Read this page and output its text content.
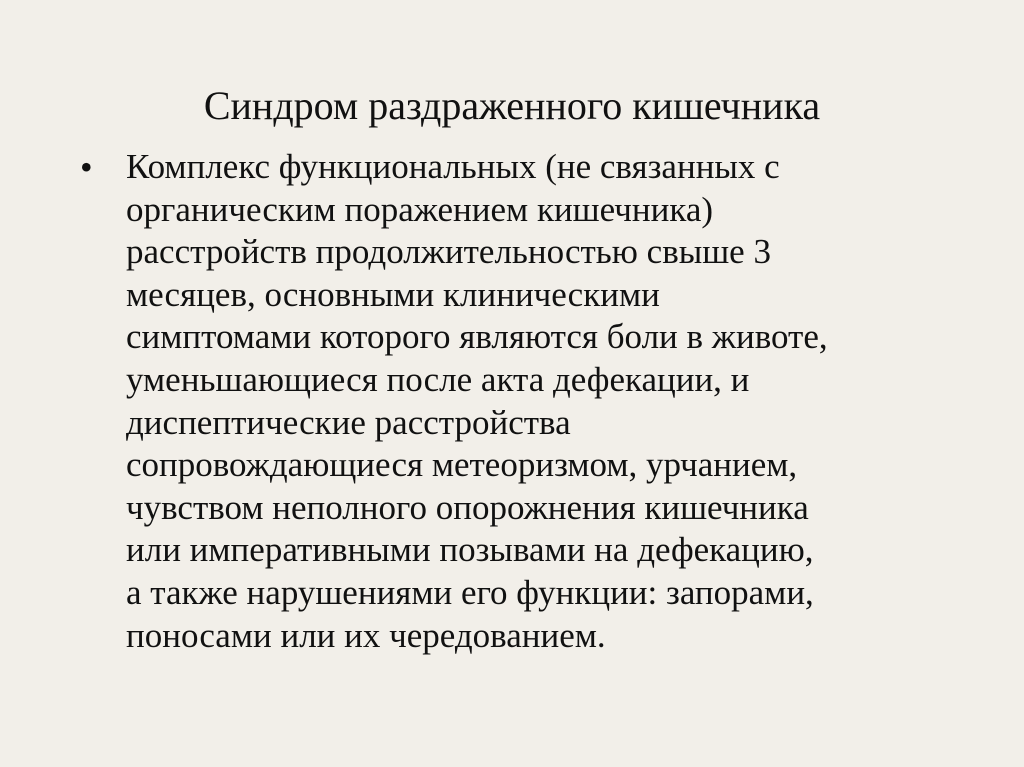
Синдром раздраженного кишечника
• Комплекс функциональных (не связанных с
органическим поражением кишечника)
расстройств продолжительностью свыше 3
месяцев, основными клиническими
симптомами которого являются боли в животе,
уменьшающиеся после акта дефекации, и
диспептические расстройства
сопровождающиеся метеоризмом, урчанием,
чувством неполного опорожнения кишечника
или императивными позывами на дефекацию,
а также нарушениями его функции: запорами,
поносами или их чередованием.
